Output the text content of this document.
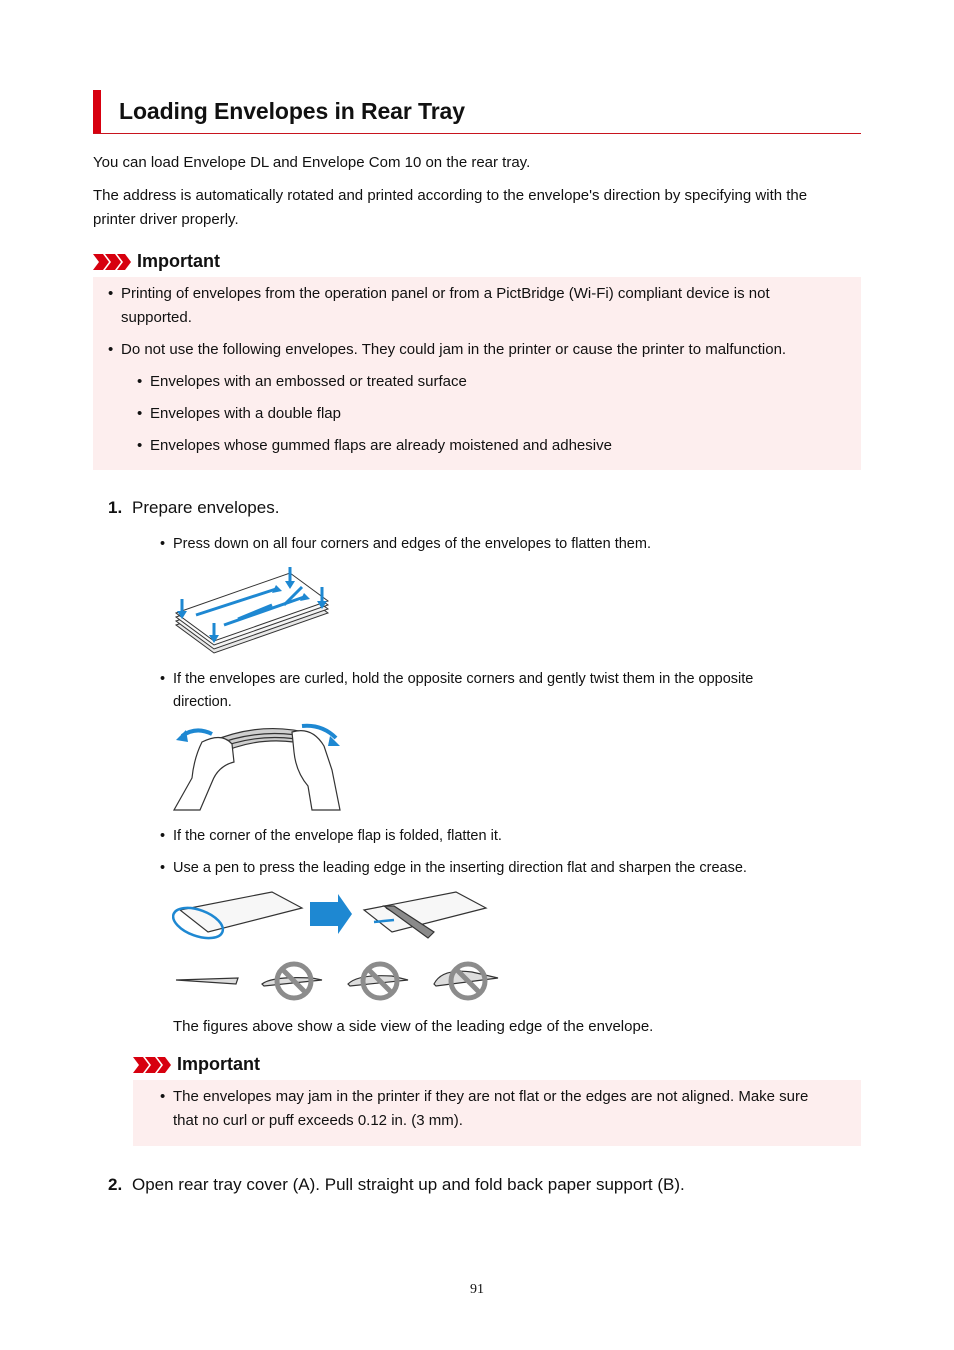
Loading Envelopes in Rear Tray

You can load Envelope DL and Envelope Com 10 on the rear tray.

The address is automatically rotated and printed according to the envelope's direction by specifying with the

printer driver properly.

Important
• Printing of envelopes from the operation panel or from a PictBridge (Wi-Fi) compliant device is not
supported.
• Do not use the following envelopes. They could jam in the printer or cause the printer to malfunction.
• Envelopes with an embossed or treated surface
• Envelopes with a double flap
• Envelopes whose gummed flaps are already moistened and adhesive
1. Prepare envelopes.
• Press down on all four corners and edges of the envelopes to flatten them.
• If the envelopes are curled, hold the opposite corners and gently twist them in the opposite
direction.
• If the corner of the envelope flap is folded, flatten it.
• Use a pen to press the leading edge in the inserting direction flat and sharpen the crease.
The figures above show a side view of the leading edge of the envelope.
Important
• The envelopes may jam in the printer if they are not flat or the edges are not aligned. Make sure
that no curl or puff exceeds 0.12 in. (3 mm).
2. Open rear tray cover (A). Pull straight up and fold back paper support (B).
91
